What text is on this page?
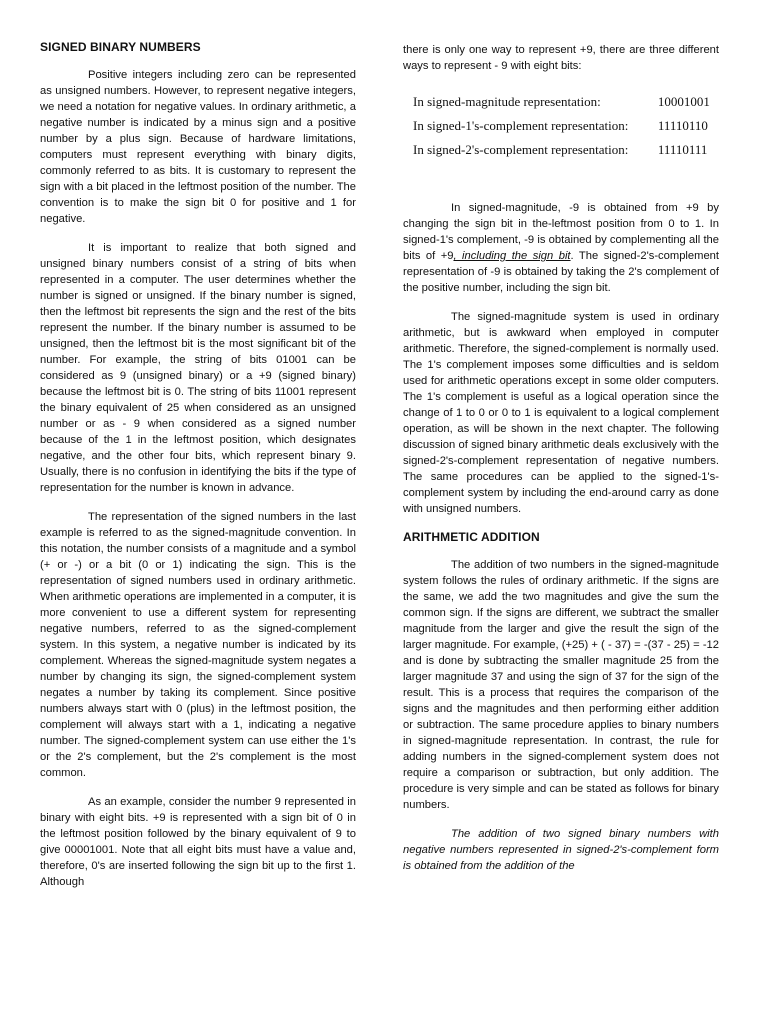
SIGNED BINARY NUMBERS

Positive integers including zero can be represented as unsigned numbers. However, to represent negative integers, we need a notation for negative values. In ordinary arithmetic, a negative number is indicated by a minus sign and a positive number by a plus sign. Because of hardware limitations, computers must represent everything with binary digits, commonly referred to as bits. It is customary to represent the sign with a bit placed in the leftmost position of the number. The convention is to make the sign bit 0 for positive and 1 for negative.

It is important to realize that both signed and unsigned binary numbers consist of a string of bits when represented in a computer. The user determines whether the number is signed or unsigned. If the binary number is signed, then the leftmost bit represents the sign and the rest of the bits represent the number. If the binary number is assumed to be unsigned, then the leftmost bit is the most significant bit of the number. For example, the string of bits 01001 can be considered as 9 (unsigned binary) or a +9 (signed binary) because the leftmost bit is 0. The string of bits 11001 represent the binary equivalent of 25 when considered as an unsigned number or as - 9 when considered as a signed number because of the 1 in the leftmost position, which designates negative, and the other four bits, which represent binary 9. Usually, there is no confusion in identifying the bits if the type of representation for the number is known in advance.

The representation of the signed numbers in the last example is referred to as the signed-magnitude convention. In this notation, the number consists of a magnitude and a symbol (+ or -) or a bit (0 or 1) indicating the sign. This is the representation of signed numbers used in ordinary arithmetic. When arithmetic operations are implemented in a computer, it is more convenient to use a different system for representing negative numbers, referred to as the signed-complement system. In this system, a negative number is indicated by its complement. Whereas the signed-magnitude system negates a number by changing its sign, the signed-complement system negates a number by taking its complement. Since positive numbers always start with 0 (plus) in the leftmost position, the complement will always start with a 1, indicating a negative number. The signed-complement system can use either the 1's or the 2's complement, but the 2's complement is the most common.

As an example, consider the number 9 represented in binary with eight bits. +9 is represented with a sign bit of 0 in the leftmost position followed by the binary equivalent of 9 to give 00001001. Note that all eight bits must have a value and, therefore, 0's are inserted following the sign bit up to the first 1. Although

there is only one way to represent +9, there are three different ways to represent - 9 with eight bits:

In signed-magnitude representation:	10001001
In signed-1's-complement representation:	11110110
In signed-2's-complement representation:	11110111

In signed-magnitude, -9 is obtained from +9 by changing the sign bit in the-leftmost position from 0 to 1. In signed-1's complement, -9 is obtained by complementing all the bits of +9, including the sign bit. The signed-2's-complement representation of -9 is obtained by taking the 2's complement of the positive number, including the sign bit.

The signed-magnitude system is used in ordinary arithmetic, but is awkward when employed in computer arithmetic. Therefore, the signed-complement is normally used. The 1's complement imposes some difficulties and is seldom used for arithmetic operations except in some older computers. The 1's complement is useful as a logical operation since the change of 1 to 0 or 0 to 1 is equivalent to a logical complement operation, as will be shown in the next chapter. The following discussion of signed binary arithmetic deals exclusively with the signed-2's-complement representation of negative numbers. The same procedures can be applied to the signed-1's-complement system by including the end-around carry as done with unsigned numbers.

ARITHMETIC ADDITION

The addition of two numbers in the signed-magnitude system follows the rules of ordinary arithmetic. If the signs are the same, we add the two magnitudes and give the sum the common sign. If the signs are different, we subtract the smaller magnitude from the larger and give the result the sign of the larger magnitude. For example, (+25) + ( - 37) = -(37 - 25) = -12 and is done by subtracting the smaller magnitude 25 from the larger magnitude 37 and using the sign of 37 for the sign of the result. This is a process that requires the comparison of the signs and the magnitudes and then performing either addition or subtraction. The same procedure applies to binary numbers in signed-magnitude representation. In contrast, the rule for adding numbers in the signed-complement system does not require a comparison or subtraction, but only addition. The procedure is very simple and can be stated as follows for binary numbers.

The addition of two signed binary numbers with negative numbers represented in signed-2's-complement form is obtained from the addition of the
